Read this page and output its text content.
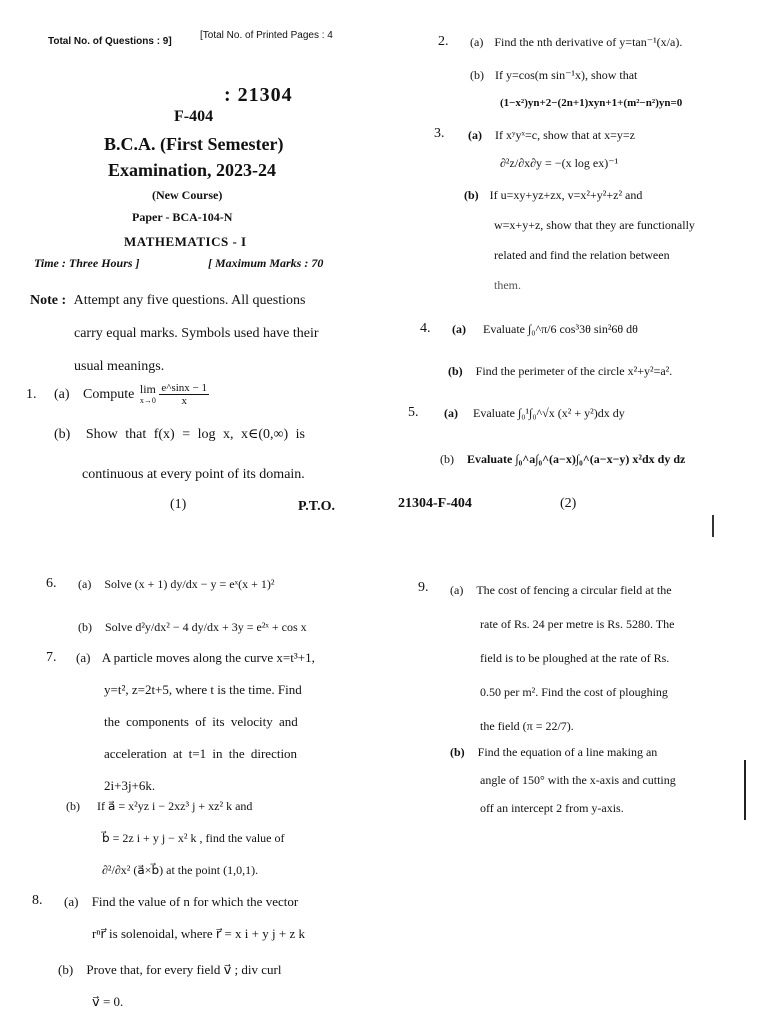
Total No. of Questions : 9]
[Total No. of Printed Pages : 4
: 21304
F-404
B.C.A. (First Semester)
Examination, 2023-24
(New Course)
Paper - BCA-104-N
MATHEMATICS - I
Time : Three Hours ]	[ Maximum Marks : 70
Note : Attempt any five questions. All questions
carry equal marks. Symbols used have their
usual meanings.
1. (a) Compute lim
x→0
$\frac{e\^{}\sin x - 1}{x}$
(b) Show that f(x) = log x, x∈(0,∞) is
continuous at every point of its domain.
(1)	P.T.O.
2. (a) Find the nth derivative of y=tan⁻¹(x/a).
(b) If y=cos(m sin⁻¹x), show that
(1−x²)yn+2−(2n+1)xyn+1+(m²−n²)yn=0
3. (a) If xʸyˣ=c, show that at x=y=z
∂²z/∂x∂y = −(x log ex)⁻¹
(b) If u=xy+yz+zx, v=x²+y²+z² and
w=x+y+z, show that they are functionally
related and find the relation between
them.
4. (a) Evaluate ∫₀^π/6 cos³3θ sin²6θ dθ
(b) Find the perimeter of the circle x²+y²=a².
5. (a) Evaluate ∫₀¹∫₀^√x (x² + y²)dx dy
(b) Evaluate ∫₀^a∫₀^(a−x)∫₀^(a−x−y) x²dx dy dz
21304-F-404	(2)
6. (a) Solve (x + 1) dy/dx − y = eˣ(x + 1)²
(b) Solve d²y/dx² − 4 dy/dx + 3y = e²ˣ + cos x
7. (a) A particle moves along the curve x=t³+1,
y=t², z=2t+5, where t is the time. Find
the components of its velocity and
acceleration at t=1 in the direction
2i+3j+6k.
(b) If a⃗ = x²yz i − 2xz³ j + xz² k and
b⃗ = 2z i + y j − x² k , find the value of
∂²/∂x² (a⃗×b⃗) at the point (1,0,1).
8. (a) Find the value of n for which the vector
rⁿr⃗ is solenoidal, where r⃗ = x i + y j + z k
(b) Prove that, for every field v⃗ ; div curl
v⃗ = 0.
9. (a) The cost of fencing a circular field at the
rate of Rs. 24 per metre is Rs. 5280. The
field is to be ploughed at the rate of Rs.
0.50 per m². Find the cost of ploughing
the field (π = 22/7).
(b) Find the equation of a line making an
angle of 150° with the x-axis and cutting
off an intercept 2 from y-axis.
